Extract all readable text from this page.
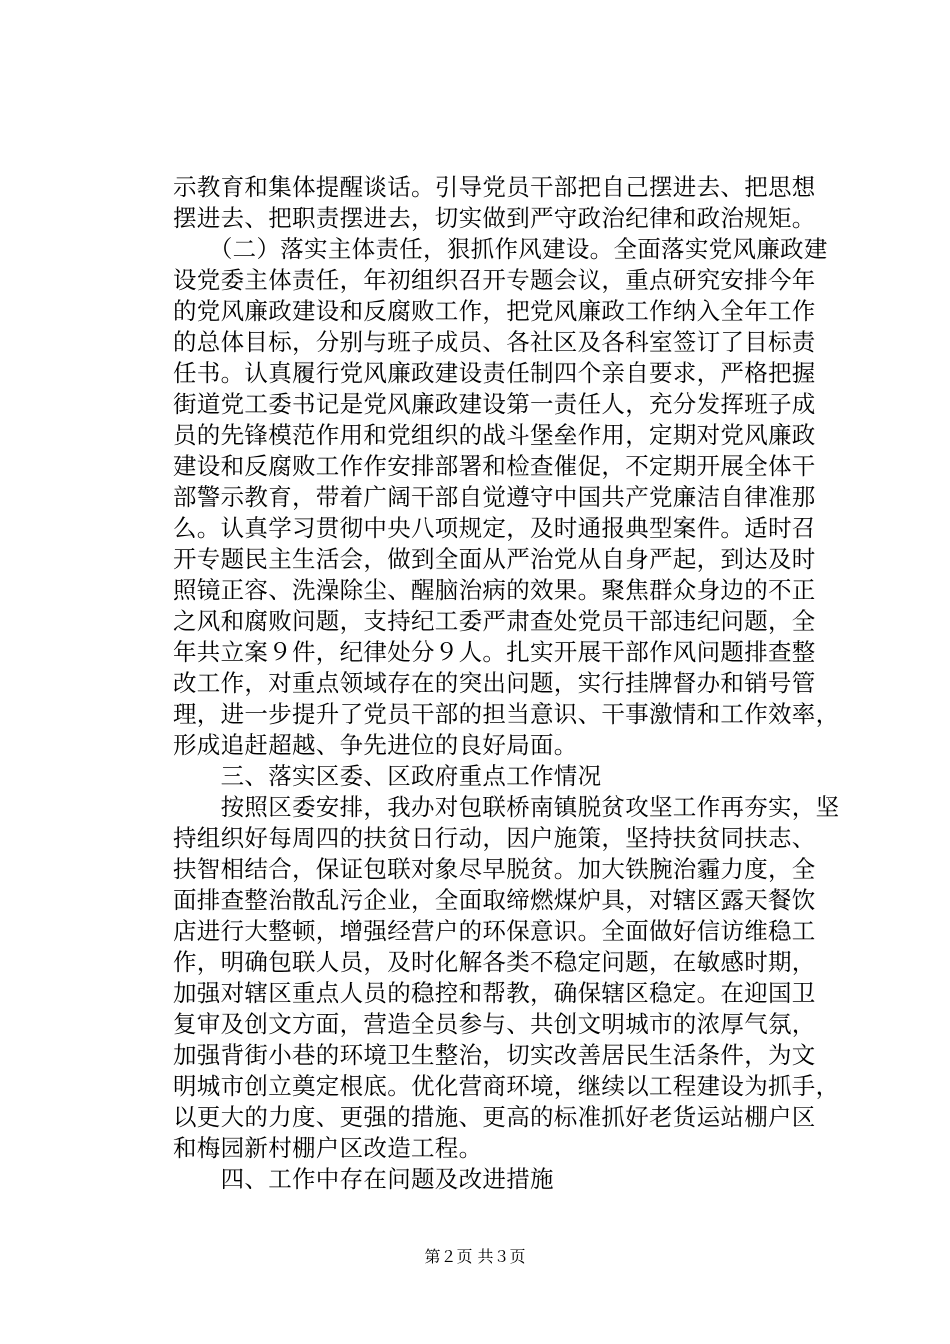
示教育和集体提醒谈话。引导党员干部把自己摆进去、把思想
摆进去、把职责摆进去，切实做到严守政治纪律和政治规矩。
　　（二）落实主体责任，狠抓作风建设。全面落实党风廉政建
设党委主体责任，年初组织召开专题会议，重点研究安排今年
的党风廉政建设和反腐败工作，把党风廉政工作纳入全年工作
的总体目标，分别与班子成员、各社区及各科室签订了目标责
任书。认真履行党风廉政建设责任制四个亲自要求，严格把握
街道党工委书记是党风廉政建设第一责任人，充分发挥班子成
员的先锋模范作用和党组织的战斗堡垒作用，定期对党风廉政
建设和反腐败工作作安排部署和检查催促，不定期开展全体干
部警示教育，带着广阔干部自觉遵守中国共产党廉洁自律准那
么。认真学习贯彻中央八项规定，及时通报典型案件。适时召
开专题民主生活会，做到全面从严治党从自身严起，到达及时
照镜正容、洗澡除尘、醒脑治病的效果。聚焦群众身边的不正
之风和腐败问题，支持纪工委严肃查处党员干部违纪问题，全
年共立案９件，纪律处分９人。扎实开展干部作风问题排查整
改工作，对重点领域存在的突出问题，实行挂牌督办和销号管
理，进一步提升了党员干部的担当意识、干事激情和工作效率，
形成追赶超越、争先进位的良好局面。
　　三、落实区委、区政府重点工作情况
　　按照区委安排，我办对包联桥南镇脱贫攻坚工作再夯实，坚
持组织好每周四的扶贫日行动，因户施策，坚持扶贫同扶志、
扶智相结合，保证包联对象尽早脱贫。加大铁腕治霾力度，全
面排查整治散乱污企业，全面取缔燃煤炉具，对辖区露天餐饮
店进行大整顿，增强经营户的环保意识。全面做好信访维稳工
作，明确包联人员，及时化解各类不稳定问题，在敏感时期，
加强对辖区重点人员的稳控和帮教，确保辖区稳定。在迎国卫
复审及创文方面，营造全员参与、共创文明城市的浓厚气氛，
加强背街小巷的环境卫生整治，切实改善居民生活条件，为文
明城市创立奠定根底。优化营商环境，继续以工程建设为抓手，
以更大的力度、更强的措施、更高的标准抓好老货运站棚户区
和梅园新村棚户区改造工程。
　　四、工作中存在问题及改进措施
第２页 共３页
